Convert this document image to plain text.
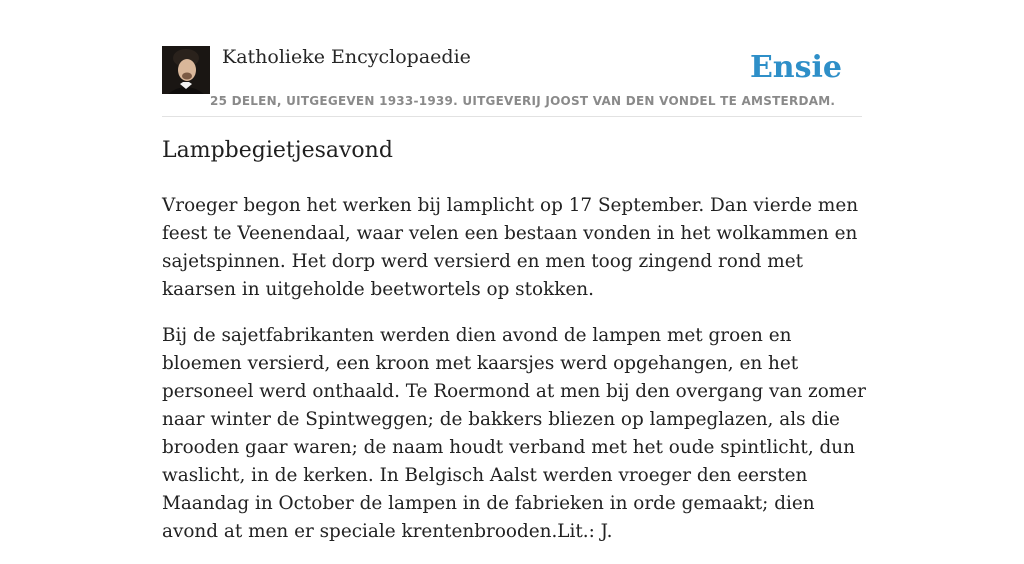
Katholieke Encyclopaedie
25 DELEN, UITGEGEVEN 1933-1939. UITGEVERIJ JOOST VAN DEN VONDEL TE AMSTERDAM.
Ensie
Lampbegietjesavond

Vroeger begon het werken bij lamplicht op 17 September. Dan vierde men feest te Veenendaal, waar velen een bestaan vonden in het wolkammen en sajetspinnen. Het dorp werd versierd en men toog zingend rond met kaarsen in uitgeholde beetwortels op stokken.

Bij de sajetfabrikanten werden dien avond de lampen met groen en bloemen versierd, een kroon met kaarsjes werd opgehangen, en het personeel werd onthaald. Te Roermond at men bij den overgang van zomer naar winter de Spintweggen; de bakkers bliezen op lampeglazen, als die brooden gaar waren; de naam houdt verband met het oude spintlicht, dun waslicht, in de kerken. In Belgisch Aalst werden vroeger den eersten Maandag in October de lampen in de fabrieken in orde gemaakt; dien avond at men er speciale krentenbrooden.Lit.: J.
